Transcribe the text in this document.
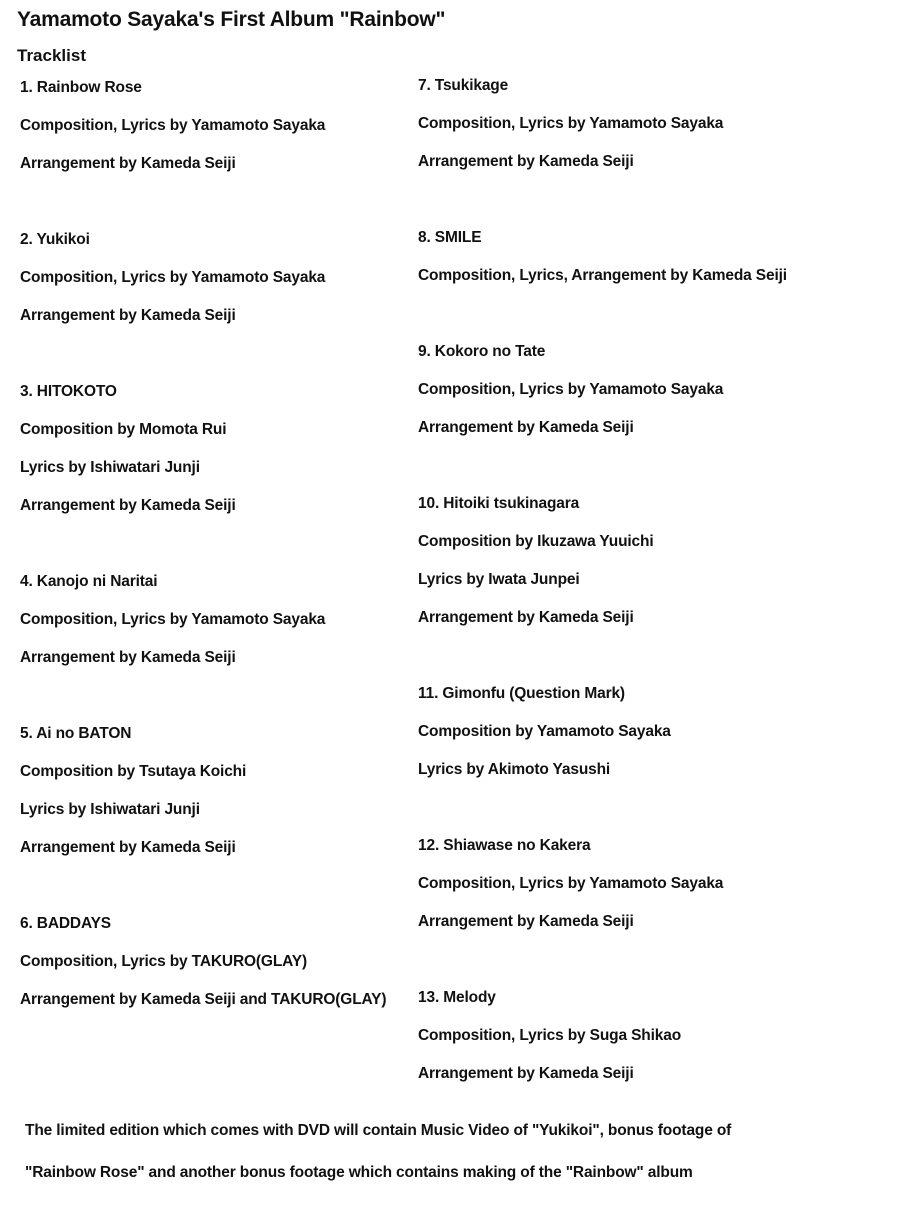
Yamamoto Sayaka's First Album "Rainbow"
Tracklist
1. Rainbow Rose
Composition, Lyrics by Yamamoto Sayaka
Arrangement by Kameda Seiji
2. Yukikoi
Composition, Lyrics by Yamamoto Sayaka
Arrangement by Kameda Seiji
3. HITOKOTO
Composition by Momota Rui
Lyrics by Ishiwatari Junji
Arrangement by Kameda Seiji
4. Kanojo ni Naritai
Composition, Lyrics by Yamamoto Sayaka
Arrangement by Kameda Seiji
5. Ai no BATON
Composition by Tsutaya Koichi
Lyrics by Ishiwatari Junji
Arrangement by Kameda Seiji
6. BADDAYS
Composition, Lyrics by TAKURO(GLAY)
Arrangement by Kameda Seiji and TAKURO(GLAY)
7. Tsukikage
Composition, Lyrics by Yamamoto Sayaka
Arrangement by Kameda Seiji
8. SMILE
Composition, Lyrics, Arrangement by Kameda Seiji
9. Kokoro no Tate
Composition, Lyrics by Yamamoto Sayaka
Arrangement by Kameda Seiji
10. Hitoiki tsukinagara
Composition by Ikuzawa Yuuichi
Lyrics by Iwata Junpei
Arrangement by Kameda Seiji
11. Gimonfu (Question Mark)
Composition by Yamamoto Sayaka
Lyrics by Akimoto Yasushi
12. Shiawase no Kakera
Composition, Lyrics by Yamamoto Sayaka
Arrangement by Kameda Seiji
13. Melody
Composition, Lyrics by Suga Shikao
Arrangement by Kameda Seiji
The limited edition which comes with DVD will contain Music Video of "Yukikoi", bonus footage of
"Rainbow Rose" and another bonus footage which contains making of the "Rainbow" album
